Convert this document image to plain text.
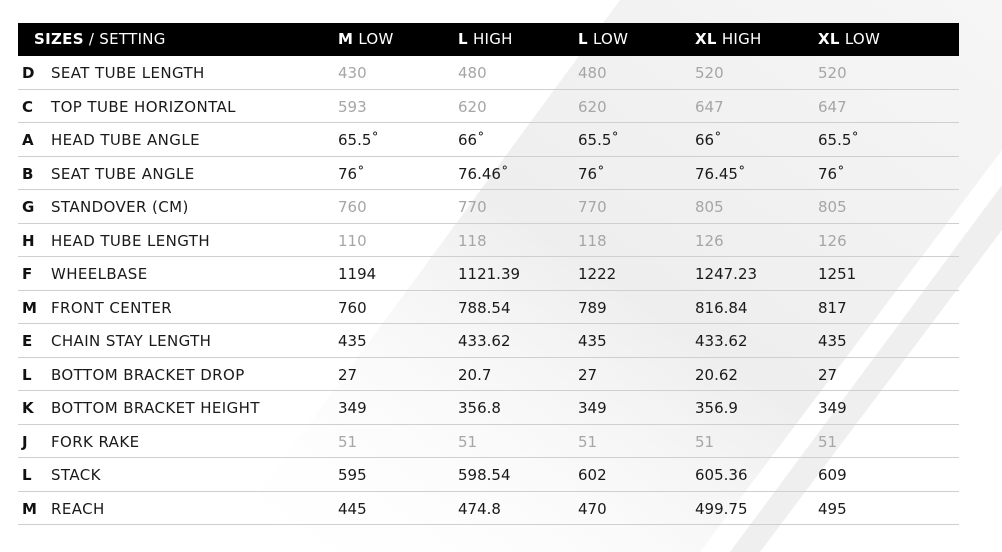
SIZES / SETTING	M LOW	L HIGH	L LOW	XL HIGH	XL LOW
D SEAT TUBE LENGTH	430	480	480	520	520
C TOP TUBE HORIZONTAL	593	620	620	647	647
A HEAD TUBE ANGLE	65.5˚	66˚	65.5˚	66˚	65.5˚
B SEAT TUBE ANGLE	76˚	76.46˚	76˚	76.45˚	76˚
G STANDOVER (CM)	760	770	770	805	805
H HEAD TUBE LENGTH	110	118	118	126	126
F WHEELBASE	1194	1121.39	1222	1247.23	1251
M FRONT CENTER	760	788.54	789	816.84	817
E CHAIN STAY LENGTH	435	433.62	435	433.62	435
L BOTTOM BRACKET DROP	27	20.7	27	20.62	27
K BOTTOM BRACKET HEIGHT	349	356.8	349	356.9	349
J FORK RAKE	51	51	51	51	51
L STACK	595	598.54	602	605.36	609
M REACH	445	474.8	470	499.75	495
